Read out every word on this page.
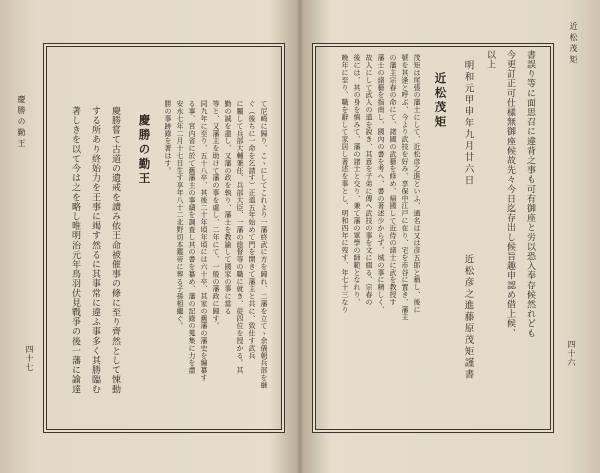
慶勝の勤王
四十七	て尼崎に歸り、こゝにしてこれより一藩終武に方を歸れ、二藩を立てゝ余儀朝兵部を継
ぐ（後ちに一命を乞請す）正道五年始めて門を開きて藩主と共に、致仕す武兵
に屬して兵部大輔兼任、兵部大臣、一藩の総督等の職に就き、從四位を授かる。其
勤の誠を盡し、又藩の政を執り、藩士を教諭して國家の事に當る
等と、又藩主を助けて藩の事を處し、二年にて、一般の藩政に歸す。
同九年に至り、五十八卒、其後二十年頃年頃には六十卒、其家の舊藩の藩史を編纂す
る事、宮内省に於て舊藩主の事績を調査し其の書を纂め、藩の記錄の蒐集に力を盡
安永七年二月十七日生す享年八十二北野切本鑑帝に葬る子孫相繼ぐ。
勝の事跡錄を著はす。
慶勝の勤王
慶勝嘗て古道の遺戒を讀み依王命被催事の條に至り齊然として悚動
する所あり終始力を王事に竭す然るに其事常に違ふ事多く其勝臨む
著しきを以て今は之を略し唯明治元年鳥羽伏見戰爭の後一藩に諭達
近松茂矩
四十六
書誤り等に面思召に違背之事も可有御座と労以恐入奉存候然れども
今更訂正可仕樣無御座候故先々今日迄存出し候旨趣申認め借上候、
以上
明和元甲申年九月廿六日
近松彦之進藤原茂矩謹書
近松茂矩
茂矩は尾張の藩士にして、近松彦之進といふ、通名は又は彦五郎と稱し、後に
號を其逢と呼ぶ、今より武技を好み、享保中江戸に在り、宅を市谷に置き、藩主
の藩主宗春の命にて、諸國の武藝を修め、帰國して近侍の諸士に武を教授す
藩士の諸藝を指南し、國內の書を考へ、書の著述少からず、城の事に精しく、
故人にして武人の道を說き、其意を子弟に傳へ武技の事を文に綴る、宗春の
後には、其の身を慎みて、藩の諸士と交り、兼て藩の軍學の師範となれり、
晩年に至り、職を辭して家居し著述を事とし、明和四年に歿す、年七十三なり
